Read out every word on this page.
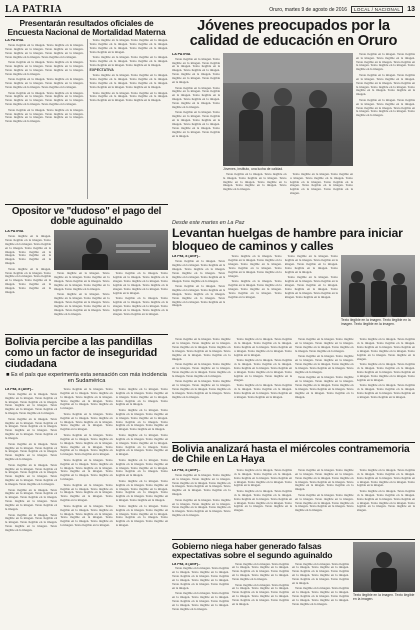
LA PATRIA	Oruro, martes 9 de agosto de 2016	LOCAL / NACIONAL	13
Presentarán resultados oficiales de Encuesta Nacional de Mortalidad Materna
LA PATRIA
Texto ilegible en la imagen. Texto ilegible en la imagen. Texto ilegible en la imagen. Texto ilegible en la imagen. Texto ilegible en la imagen. Texto ilegible en la imagen. Texto ilegible en la imagen. Texto ilegible en la imagen.
Texto ilegible en la imagen. Texto ilegible en la imagen. Texto ilegible en la imagen. Texto ilegible en la imagen. Texto ilegible en la imagen. Texto ilegible en la imagen. Texto ilegible en la imagen.
Texto ilegible en la imagen. Texto ilegible en la imagen. Texto ilegible en la imagen. Texto ilegible en la imagen. Texto ilegible en la imagen. Texto ilegible en la imagen.
Texto ilegible en la imagen. Texto ilegible en la imagen. Texto ilegible en la imagen. Texto ilegible en la imagen. Texto ilegible en la imagen. Texto ilegible en la imagen. Texto ilegible en la imagen. Texto ilegible en la imagen.
Texto ilegible en la imagen. Texto ilegible en la imagen. Texto ilegible en la imagen. Texto ilegible en la imagen. Texto ilegible en la imagen. Texto ilegible en la imagen. Texto ilegible en la imagen.
Texto ilegible en la imagen. Texto ilegible en la imagen. Texto ilegible en la imagen. Texto ilegible en la imagen. Texto ilegible en la imagen. Texto ilegible en la imagen. Texto ilegible en la imagen.
Texto ilegible en la imagen. Texto ilegible en la imagen. Texto ilegible en la imagen. Texto ilegible en la imagen. Texto ilegible en la imagen. Texto ilegible en la imagen.
EXPECTATIVA
Texto ilegible en la imagen. Texto ilegible en la imagen. Texto ilegible en la imagen. Texto ilegible en la imagen. Texto ilegible en la imagen. Texto ilegible en la imagen. Texto ilegible en la imagen. Texto ilegible en la imagen.
Texto ilegible en la imagen. Texto ilegible en la imagen. Texto ilegible en la imagen. Texto ilegible en la imagen. Texto ilegible en la imagen. Texto ilegible en la imagen.
Jóvenes preocupados por la calidad de educación en Oruro
LA PATRIA
Texto ilegible en la imagen. Texto ilegible en la imagen. Texto ilegible en la imagen. Texto ilegible en la imagen. Texto ilegible en la imagen. Texto ilegible en la imagen. Texto ilegible en la imagen. Texto ilegible en la imagen.
Texto ilegible en la imagen. Texto ilegible en la imagen. Texto ilegible en la imagen. Texto ilegible en la imagen. Texto ilegible en la imagen. Texto ilegible en la imagen. Texto ilegible en la imagen.
Texto ilegible en la imagen. Texto ilegible en la imagen. Texto ilegible en la imagen. Texto ilegible en la imagen. Texto ilegible en la imagen. Texto ilegible en la imagen. Texto ilegible en la imagen. Texto ilegible en la imagen.
Jóvenes, instituto, una lucha de calidad.
Texto ilegible en la imagen. Texto ilegible en la imagen. Texto ilegible en la imagen. Texto ilegible en la imagen. Texto ilegible en la imagen. Texto ilegible en la imagen. Texto ilegible en la imagen.
Texto ilegible en la imagen. Texto ilegible en la imagen. Texto ilegible en la imagen. Texto ilegible en la imagen. Texto ilegible en la imagen. Texto ilegible en la imagen. Texto ilegible en la imagen. Texto ilegible en la imagen.
Texto ilegible en la imagen. Texto ilegible en la imagen. Texto ilegible en la imagen. Texto ilegible en la imagen. Texto ilegible en la imagen. Texto ilegible en la imagen. Texto ilegible en la imagen.
Texto ilegible en la imagen. Texto ilegible en la imagen. Texto ilegible en la imagen. Texto ilegible en la imagen. Texto ilegible en la imagen. Texto ilegible en la imagen. Texto ilegible en la imagen. Texto ilegible en la imagen.
Texto ilegible en la imagen. Texto ilegible en la imagen. Texto ilegible en la imagen. Texto ilegible en la imagen. Texto ilegible en la imagen. Texto ilegible en la imagen. Texto ilegible en la imagen.
Opositor ve "dudoso" el pago del doble aguinaldo
LA PATRIA
Texto ilegible en la imagen. Texto ilegible en la imagen. Texto ilegible en la imagen. Texto ilegible en la imagen. Texto ilegible en la imagen. Texto ilegible en la imagen. Texto ilegible en la imagen. Texto ilegible en la imagen.
Texto ilegible en la imagen. Texto ilegible en la imagen. Texto ilegible en la imagen. Texto ilegible en la imagen. Texto ilegible en la imagen. Texto ilegible en la imagen. Texto ilegible en la imagen.
Texto ilegible en la imagen. Texto ilegible en la imagen. Texto ilegible en la imagen. Texto ilegible en la imagen. Texto ilegible en la imagen. Texto ilegible en la imagen. Texto ilegible en la imagen.
Texto ilegible en la imagen. Texto ilegible en la imagen. Texto ilegible en la imagen. Texto ilegible en la imagen. Texto ilegible en la imagen. Texto ilegible en la imagen. Texto ilegible en la imagen. Texto ilegible en la imagen.
Texto ilegible en la imagen. Texto ilegible en la imagen. Texto ilegible en la imagen. Texto ilegible en la imagen. Texto ilegible en la imagen. Texto ilegible en la imagen. Texto ilegible en la imagen. Texto ilegible en la imagen.
Texto ilegible en la imagen. Texto ilegible en la imagen. Texto ilegible en la imagen. Texto ilegible en la imagen. Texto ilegible en la imagen. Texto ilegible en la imagen. Texto ilegible en la imagen.
Desde este martes en La Paz
Levantan huelgas de hambre para iniciar bloqueo de caminos y calles
La Paz, 8 (ANF).-
Texto ilegible en la imagen. Texto ilegible en la imagen. Texto ilegible en la imagen. Texto ilegible en la imagen. Texto ilegible en la imagen. Texto ilegible en la imagen. Texto ilegible en la imagen. Texto ilegible en la imagen.
Texto ilegible en la imagen. Texto ilegible en la imagen. Texto ilegible en la imagen. Texto ilegible en la imagen. Texto ilegible en la imagen. Texto ilegible en la imagen. Texto ilegible en la imagen.
Texto ilegible en la imagen. Texto ilegible en la imagen. Texto ilegible en la imagen. Texto ilegible en la imagen. Texto ilegible en la imagen. Texto ilegible en la imagen. Texto ilegible en la imagen.
Texto ilegible en la imagen. Texto ilegible en la imagen. Texto ilegible en la imagen. Texto ilegible en la imagen. Texto ilegible en la imagen. Texto ilegible en la imagen.
Texto ilegible en la imagen. Texto ilegible en la imagen. Texto ilegible en la imagen. Texto ilegible en la imagen. Texto ilegible en la imagen. Texto ilegible en la imagen.
Texto ilegible en la imagen. Texto ilegible en la imagen. Texto ilegible en la imagen. Texto ilegible en la imagen. Texto ilegible en la imagen. Texto ilegible en la imagen. Texto ilegible en la imagen. Texto ilegible en la imagen.
Texto ilegible en la imagen. Texto ilegible en la imagen. Texto ilegible en la imagen.
Texto ilegible en la imagen. Texto ilegible en la imagen. Texto ilegible en la imagen. Texto ilegible en la imagen. Texto ilegible en la imagen. Texto ilegible en la imagen. Texto ilegible en la imagen. Texto ilegible en la imagen.
Texto ilegible en la imagen. Texto ilegible en la imagen. Texto ilegible en la imagen. Texto ilegible en la imagen. Texto ilegible en la imagen. Texto ilegible en la imagen.
Texto ilegible en la imagen. Texto ilegible en la imagen. Texto ilegible en la imagen. Texto ilegible en la imagen. Texto ilegible en la imagen. Texto ilegible en la imagen. Texto ilegible en la imagen.
Texto ilegible en la imagen. Texto ilegible en la imagen. Texto ilegible en la imagen. Texto ilegible en la imagen. Texto ilegible en la imagen. Texto ilegible en la imagen. Texto ilegible en la imagen.
Texto ilegible en la imagen. Texto ilegible en la imagen. Texto ilegible en la imagen. Texto ilegible en la imagen. Texto ilegible en la imagen. Texto ilegible en la imagen. Texto ilegible en la imagen. Texto ilegible en la imagen.
Texto ilegible en la imagen. Texto ilegible en la imagen. Texto ilegible en la imagen. Texto ilegible en la imagen. Texto ilegible en la imagen. Texto ilegible en la imagen.
Texto ilegible en la imagen. Texto ilegible en la imagen. Texto ilegible en la imagen. Texto ilegible en la imagen. Texto ilegible en la imagen. Texto ilegible en la imagen.
Texto ilegible en la imagen. Texto ilegible en la imagen. Texto ilegible en la imagen. Texto ilegible en la imagen. Texto ilegible en la imagen. Texto ilegible en la imagen. Texto ilegible en la imagen.
Texto ilegible en la imagen. Texto ilegible en la imagen. Texto ilegible en la imagen. Texto ilegible en la imagen. Texto ilegible en la imagen. Texto ilegible en la imagen. Texto ilegible en la imagen. Texto ilegible en la imagen.
Texto ilegible en la imagen. Texto ilegible en la imagen. Texto ilegible en la imagen. Texto ilegible en la imagen. Texto ilegible en la imagen. Texto ilegible en la imagen. Texto ilegible en la imagen. Texto ilegible en la imagen.
Texto ilegible en la imagen. Texto ilegible en la imagen. Texto ilegible en la imagen. Texto ilegible en la imagen. Texto ilegible en la imagen. Texto ilegible en la imagen. Texto ilegible en la imagen.
Texto ilegible en la imagen. Texto ilegible en la imagen. Texto ilegible en la imagen. Texto ilegible en la imagen. Texto ilegible en la imagen. Texto ilegible en la imagen.
Bolivia percibe a las pandillas como un factor de inseguridad ciudadana
■ Es el país que experimenta esta sensación con más incidencia en Sudamérica
La Paz, 8 (ANF).-
Texto ilegible en la imagen. Texto ilegible en la imagen. Texto ilegible en la imagen. Texto ilegible en la imagen. Texto ilegible en la imagen. Texto ilegible en la imagen. Texto ilegible en la imagen. Texto ilegible en la imagen.
Texto ilegible en la imagen. Texto ilegible en la imagen. Texto ilegible en la imagen. Texto ilegible en la imagen. Texto ilegible en la imagen. Texto ilegible en la imagen. Texto ilegible en la imagen.
Texto ilegible en la imagen. Texto ilegible en la imagen. Texto ilegible en la imagen. Texto ilegible en la imagen. Texto ilegible en la imagen. Texto ilegible en la imagen.
Texto ilegible en la imagen. Texto ilegible en la imagen. Texto ilegible en la imagen. Texto ilegible en la imagen. Texto ilegible en la imagen. Texto ilegible en la imagen. Texto ilegible en la imagen. Texto ilegible en la imagen.
Texto ilegible en la imagen. Texto ilegible en la imagen. Texto ilegible en la imagen. Texto ilegible en la imagen. Texto ilegible en la imagen. Texto ilegible en la imagen. Texto ilegible en la imagen.
Texto ilegible en la imagen. Texto ilegible en la imagen. Texto ilegible en la imagen. Texto ilegible en la imagen. Texto ilegible en la imagen. Texto ilegible en la imagen.
Texto ilegible en la imagen. Texto ilegible en la imagen. Texto ilegible en la imagen. Texto ilegible en la imagen. Texto ilegible en la imagen. Texto ilegible en la imagen. Texto ilegible en la imagen.
Texto ilegible en la imagen. Texto ilegible en la imagen. Texto ilegible en la imagen. Texto ilegible en la imagen. Texto ilegible en la imagen. Texto ilegible en la imagen.
Texto ilegible en la imagen. Texto ilegible en la imagen. Texto ilegible en la imagen. Texto ilegible en la imagen. Texto ilegible en la imagen. Texto ilegible en la imagen. Texto ilegible en la imagen. Texto ilegible en la imagen.
Texto ilegible en la imagen. Texto ilegible en la imagen. Texto ilegible en la imagen. Texto ilegible en la imagen. Texto ilegible en la imagen. Texto ilegible en la imagen. Texto ilegible en la imagen.
Texto ilegible en la imagen. Texto ilegible en la imagen. Texto ilegible en la imagen. Texto ilegible en la imagen. Texto ilegible en la imagen. Texto ilegible en la imagen.
Texto ilegible en la imagen. Texto ilegible en la imagen. Texto ilegible en la imagen. Texto ilegible en la imagen. Texto ilegible en la imagen. Texto ilegible en la imagen. Texto ilegible en la imagen. Texto ilegible en la imagen.
Texto ilegible en la imagen. Texto ilegible en la imagen. Texto ilegible en la imagen. Texto ilegible en la imagen. Texto ilegible en la imagen. Texto ilegible en la imagen.
Texto ilegible en la imagen. Texto ilegible en la imagen. Texto ilegible en la imagen. Texto ilegible en la imagen. Texto ilegible en la imagen. Texto ilegible en la imagen. Texto ilegible en la imagen. Texto ilegible en la imagen.
Texto ilegible en la imagen. Texto ilegible en la imagen. Texto ilegible en la imagen. Texto ilegible en la imagen. Texto ilegible en la imagen. Texto ilegible en la imagen. Texto ilegible en la imagen.
Texto ilegible en la imagen. Texto ilegible en la imagen. Texto ilegible en la imagen. Texto ilegible en la imagen. Texto ilegible en la imagen. Texto ilegible en la imagen.
Texto ilegible en la imagen. Texto ilegible en la imagen. Texto ilegible en la imagen. Texto ilegible en la imagen. Texto ilegible en la imagen. Texto ilegible en la imagen. Texto ilegible en la imagen. Texto ilegible en la imagen.
Texto ilegible en la imagen. Texto ilegible en la imagen. Texto ilegible en la imagen. Texto ilegible en la imagen. Texto ilegible en la imagen. Texto ilegible en la imagen. Texto ilegible en la imagen.
Bolivia analizará hasta el miércoles contramemoria de Chile en La Haya
La Paz, 8 (ANF).-
Texto ilegible en la imagen. Texto ilegible en la imagen. Texto ilegible en la imagen. Texto ilegible en la imagen. Texto ilegible en la imagen. Texto ilegible en la imagen. Texto ilegible en la imagen. Texto ilegible en la imagen.
Texto ilegible en la imagen. Texto ilegible en la imagen. Texto ilegible en la imagen. Texto ilegible en la imagen. Texto ilegible en la imagen. Texto ilegible en la imagen. Texto ilegible en la imagen.
Texto ilegible en la imagen. Texto ilegible en la imagen. Texto ilegible en la imagen. Texto ilegible en la imagen. Texto ilegible en la imagen. Texto ilegible en la imagen. Texto ilegible en la imagen.
Texto ilegible en la imagen. Texto ilegible en la imagen. Texto ilegible en la imagen. Texto ilegible en la imagen. Texto ilegible en la imagen. Texto ilegible en la imagen. Texto ilegible en la imagen. Texto ilegible en la imagen.
Texto ilegible en la imagen. Texto ilegible en la imagen. Texto ilegible en la imagen. Texto ilegible en la imagen. Texto ilegible en la imagen. Texto ilegible en la imagen. Texto ilegible en la imagen. Texto ilegible en la imagen.
Texto ilegible en la imagen. Texto ilegible en la imagen. Texto ilegible en la imagen. Texto ilegible en la imagen. Texto ilegible en la imagen. Texto ilegible en la imagen. Texto ilegible en la imagen.
Texto ilegible en la imagen. Texto ilegible en la imagen. Texto ilegible en la imagen. Texto ilegible en la imagen. Texto ilegible en la imagen. Texto ilegible en la imagen. Texto ilegible en la imagen.
Texto ilegible en la imagen. Texto ilegible en la imagen. Texto ilegible en la imagen. Texto ilegible en la imagen. Texto ilegible en la imagen. Texto ilegible en la imagen. Texto ilegible en la imagen. Texto ilegible en la imagen.
Gobierno niega haber generado falsas expectativas sobre el segundo aguinaldo
La Paz, 8 (ANF).-
Texto ilegible en la imagen. Texto ilegible en la imagen. Texto ilegible en la imagen. Texto ilegible en la imagen. Texto ilegible en la imagen. Texto ilegible en la imagen. Texto ilegible en la imagen. Texto ilegible en la imagen.
Texto ilegible en la imagen. Texto ilegible en la imagen. Texto ilegible en la imagen. Texto ilegible en la imagen. Texto ilegible en la imagen. Texto ilegible en la imagen. Texto ilegible en la imagen.
Texto ilegible en la imagen. Texto ilegible en la imagen. Texto ilegible en la imagen. Texto ilegible en la imagen. Texto ilegible en la imagen. Texto ilegible en la imagen. Texto ilegible en la imagen.
Texto ilegible en la imagen. Texto ilegible en la imagen. Texto ilegible en la imagen. Texto ilegible en la imagen. Texto ilegible en la imagen. Texto ilegible en la imagen. Texto ilegible en la imagen. Texto ilegible en la imagen.
Texto ilegible en la imagen. Texto ilegible en la imagen. Texto ilegible en la imagen. Texto ilegible en la imagen. Texto ilegible en la imagen. Texto ilegible en la imagen. Texto ilegible en la imagen. Texto ilegible en la imagen.
Texto ilegible en la imagen. Texto ilegible en la imagen. Texto ilegible en la imagen. Texto ilegible en la imagen. Texto ilegible en la imagen. Texto ilegible en la imagen. Texto ilegible en la imagen.
Texto ilegible en la imagen. Texto ilegible en la imagen.
